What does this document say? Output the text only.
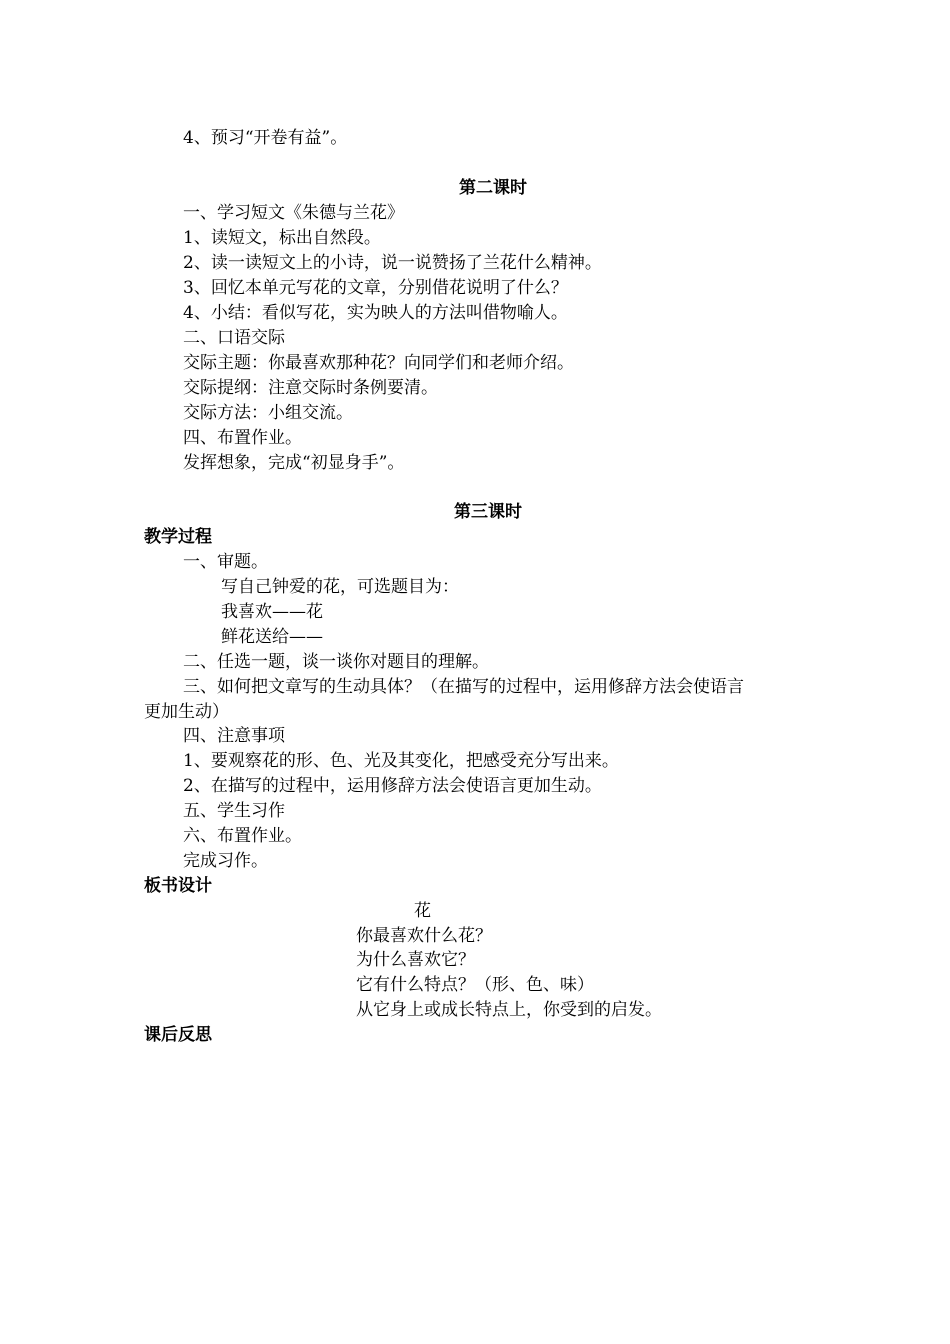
4、预习“开卷有益”。
第二课时
一、学习短文《朱德与兰花》
1、读短文，标出自然段。
2、读一读短文上的小诗，说一说赞扬了兰花什么精神。
3、回忆本单元写花的文章，分别借花说明了什么？
4、小结：看似写花，实为映人的方法叫借物喻人。
二、口语交际
交际主题：你最喜欢那种花？向同学们和老师介绍。
交际提纲：注意交际时条例要清。
交际方法：小组交流。
四、布置作业。
发挥想象，完成“初显身手”。
第三课时
教学过程
一、审题。
写自己钟爱的花，可选题目为：
我喜欢——花
鲜花送给——
二、任选一题，谈一谈你对题目的理解。
三、如何把文章写的生动具体？（在描写的过程中，运用修辞方法会使语言
更加生动）
四、注意事项
1、要观察花的形、色、光及其变化，把感受充分写出来。
2、在描写的过程中，运用修辞方法会使语言更加生动。
五、学生习作
六、布置作业。
完成习作。
板书设计
花
你最喜欢什么花？
为什么喜欢它？
它有什么特点？（形、色、味）
从它身上或成长特点上，你受到的启发。
课后反思
